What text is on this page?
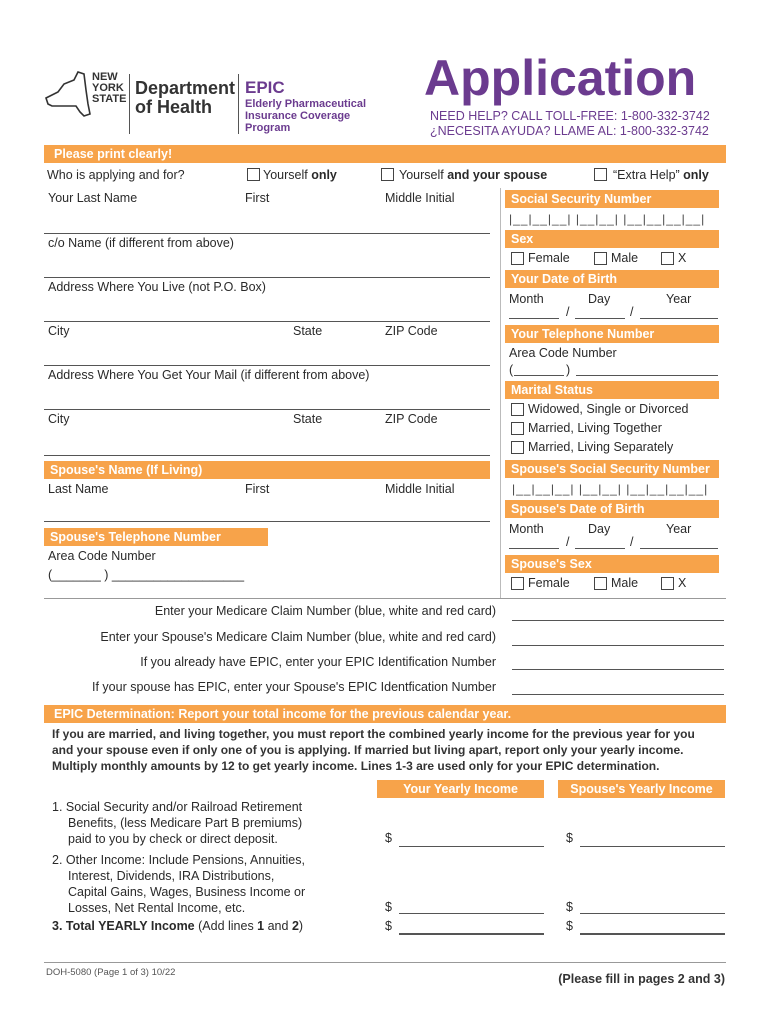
NEW
YORK
STATE
Department
of Health
EPIC
Elderly Pharmaceutical
Insurance Coverage
Program
Application
NEED HELP? CALL TOLL-FREE: 1-800-332-3742
¿NECESITA AYUDA? LLAME AL: 1-800-332-3742
Please print clearly!
Who is applying and for?	Yourself only	Yourself and your spouse	“Extra Help” only
Your Last Name	First	Middle Initial
c/o Name (if different from above)
Address Where You Live (not P.O. Box)
City	State	ZIP Code
Address Where You Get Your Mail (if different from above)
City	State	ZIP Code
Spouse's Name (If Living)
Last Name	First	Middle Initial
Spouse's Telephone Number
Area Code Number
(_______ ) ___________________
Social Security Number
|__|__|__| |__|__| |__|__|__|__|
Sex
Female	Male	X
Your Date of Birth
Month	Day	Year
/	/
Your Telephone Number
Area Code Number
(	)
Marital Status
Widowed, Single or Divorced
Married, Living Together
Married, Living Separately
Spouse's Social Security Number
|__|__|__| |__|__| |__|__|__|__|
Spouse's Date of Birth
Month	Day	Year
/	/
Spouse's Sex
Female	Male	X
Enter your Medicare Claim Number (blue, white and red card)
Enter your Spouse's Medicare Claim Number (blue, white and red card)
If you already have EPIC, enter your EPIC Identification Number
If your spouse has EPIC, enter your Spouse's EPIC Identfication Number
EPIC Determination: Report your total income for the previous calendar year.
If you are married, and living together, you must report the combined yearly income for the previous year for you
and your spouse even if only one of you is applying. If married but living apart, report only your yearly income.
Multiply monthly amounts by 12 to get yearly income. Lines 1-3 are used only for your EPIC determination.
Your Yearly Income	Spouse's Yearly Income
1. Social Security and/or Railroad Retirement
Benefits, (less Medicare Part B premiums)
paid to you by check or direct deposit.	$	$
2. Other Income: Include Pensions, Annuities,
Interest, Dividends, IRA Distributions,
Capital Gains, Wages, Business Income or
Losses, Net Rental Income, etc.	$	$
3. Total YEARLY Income (Add lines 1 and 2)	$	$
DOH-5080 (Page 1 of 3) 10/22	(Please fill in pages 2 and 3)
